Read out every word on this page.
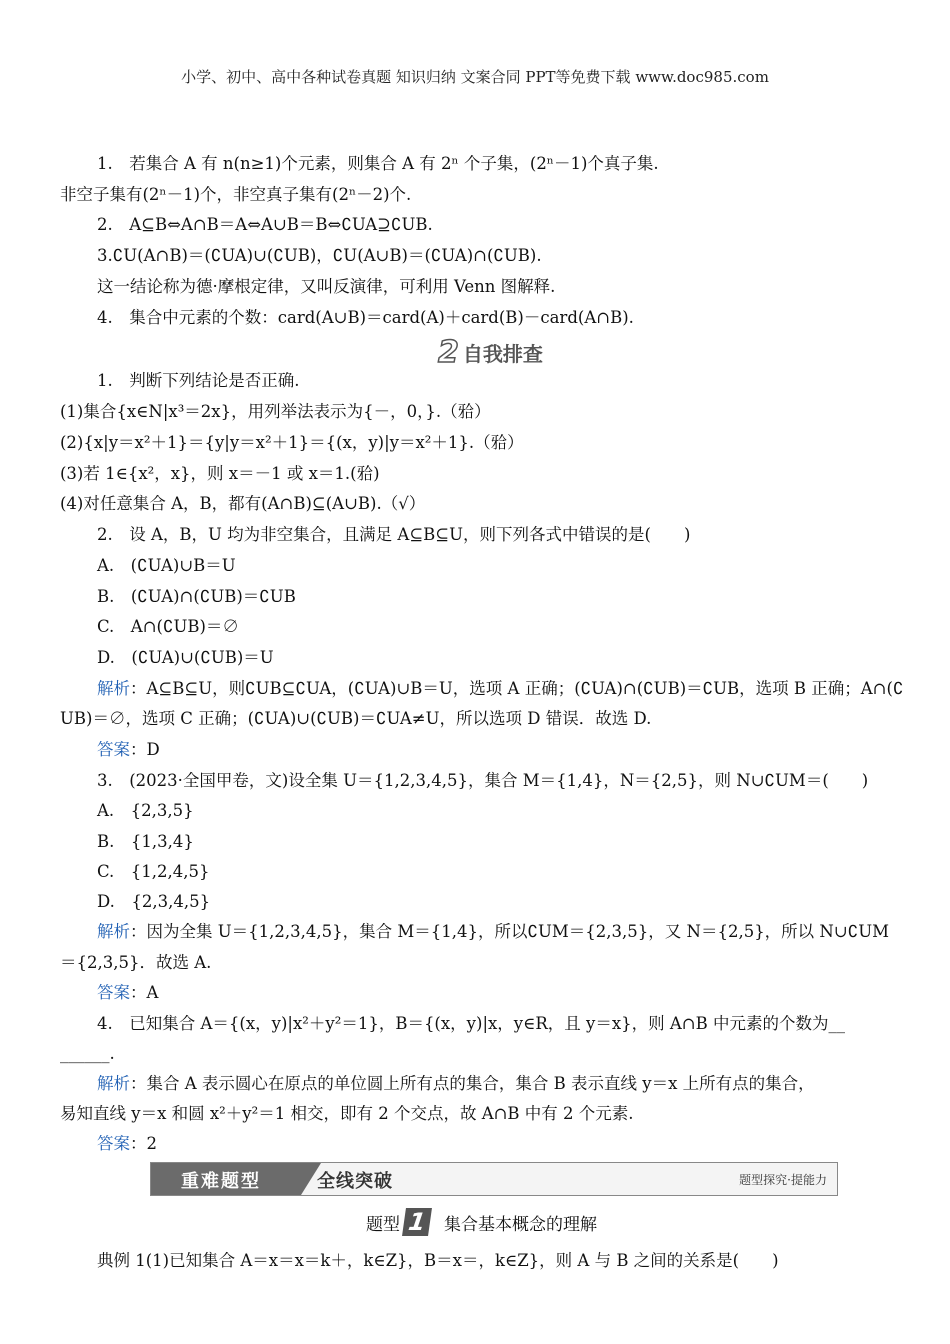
小学、初中、高中各种试卷真题 知识归纳 文案合同 PPT等免费下载 www.doc985.com
1.　若集合 A 有 n(n≥1)个元素，则集合 A 有 2ⁿ 个子集，(2ⁿ－1)个真子集.
非空子集有(2ⁿ－1)个，非空真子集有(2ⁿ－2)个.
2.　A⊆B⇔A∩B＝A⇔A∪B＝B⇔∁UA⊇∁UB.
3.∁U(A∩B)＝(∁UA)∪(∁UB)，∁U(A∪B)＝(∁UA)∩(∁UB).
这一结论称为德·摩根定律，又叫反演律，可利用 Venn 图解释.
4.　集合中元素的个数：card(A∪B)＝card(A)＋card(B)－card(A∩B).
2 自我排查
1.　判断下列结论是否正确.
(1)集合{x∈N|x³＝2x}，用列举法表示为{－，0，}.（𬌗）
(2){x|y＝x²＋1}＝{y|y＝x²＋1}＝{(x，y)|y＝x²＋1}.（𬌗）
(3)若 1∈{x²，x}，则 x＝－1 或 x＝1.(𬌗)
(4)对任意集合 A，B，都有(A∩B)⊆(A∪B).（√）
2.　设 A，B，U 均为非空集合，且满足 A⊆B⊆U，则下列各式中错误的是(　　)
A.　(∁UA)∪B＝U
B.　(∁UA)∩(∁UB)＝∁UB
C.　A∩(∁UB)＝∅
D.　(∁UA)∪(∁UB)＝U
解析：A⊆B⊆U，则∁UB⊆∁UA，(∁UA)∪B＝U，选项 A 正确；(∁UA)∩(∁UB)＝∁UB，选项 B 正确；A∩(∁
UB)＝∅，选项 C 正确；(∁UA)∪(∁UB)＝∁UA≠U，所以选项 D 错误．故选 D.
答案：D
3.　(2023·全国甲卷，文)设全集 U＝{1,2,3,4,5}，集合 M＝{1,4}，N＝{2,5}，则 N∪∁UM＝(　　)
A.　{2,3,5}
B.　{1,3,4}
C.　{1,2,4,5}
D.　{2,3,4,5}
解析：因为全集 U＝{1,2,3,4,5}，集合 M＝{1,4}，所以∁UM＝{2,3,5}，又 N＝{2,5}，所以 N∪∁UM
＝{2,3,5}．故选 A.
答案：A
4.　已知集合 A＝{(x，y)|x²＋y²＝1}，B＝{(x，y)|x，y∈R，且 y＝x}，则 A∩B 中元素的个数为__
______.
解析：集合 A 表示圆心在原点的单位圆上所有点的集合，集合 B 表示直线 y＝x 上所有点的集合，
易知直线 y＝x 和圆 x²＋y²＝1 相交，即有 2 个交点，故 A∩B 中有 2 个元素.
答案：2
重难题型	全线突破	题型探究·提能力
题型 1 集合基本概念的理解
典例 1(1)已知集合 A＝x＝x＝k＋，k∈Z}，B＝x＝，k∈Z}，则 A 与 B 之间的关系是(　　)
